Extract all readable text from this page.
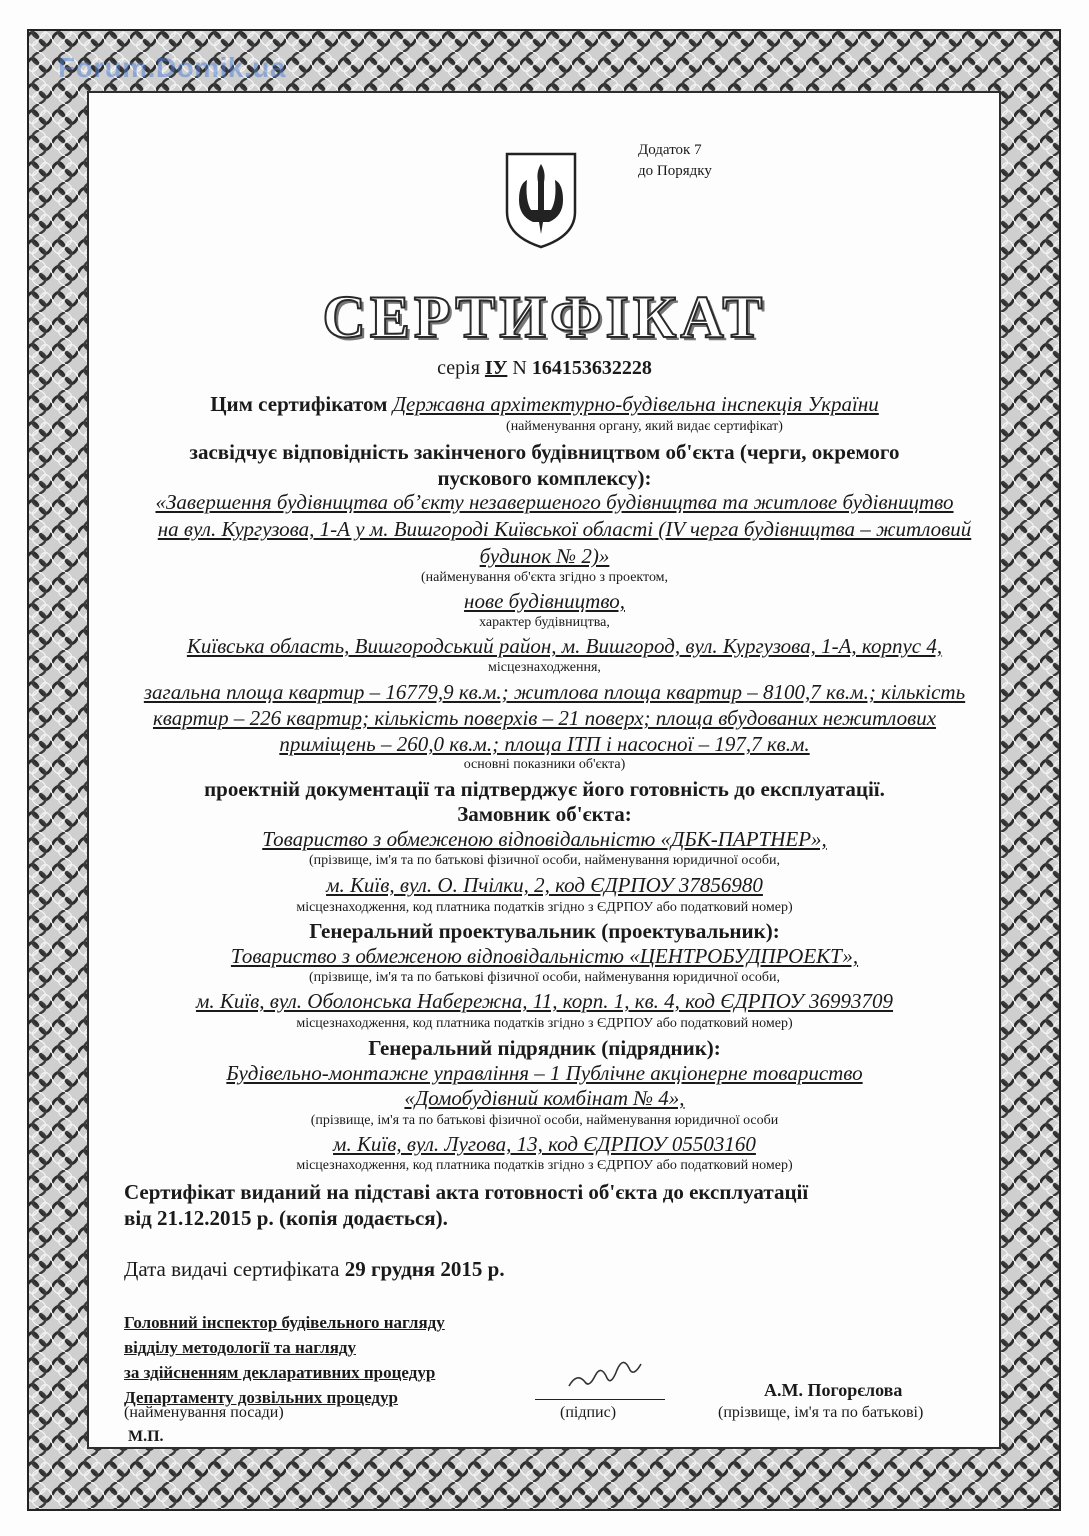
Forum.Domik.ua
Додаток 7
до Порядку
СЕРТИФІКАТ
серія ІУ N 164153632228
Цим сертифікатом Державна архітектурно-будівельна інспекція України
(найменування органу, який видає сертифікат)
засвідчує відповідність закінченого будівництвом об'єкта (черги, окремого
пускового комплексу):
«Завершення будівництва об’єкту незавершеного будівництва та житлове будівництво
на вул. Кургузова, 1-А у м. Вишгороді Київської області (IV черга будівництва – житловий
будинок № 2)»
(найменування об'єкта згідно з проектом,
нове будівництво,
характер будівництва,
Київська область, Вишгородський район, м. Вишгород, вул. Кургузова, 1-А, корпус 4,
місцезнаходження,
загальна площа квартир – 16779,9 кв.м.; житлова площа квартир – 8100,7 кв.м.; кількість
квартир – 226 квартир; кількість поверхів – 21 поверх; площа вбудованих нежитлових
приміщень – 260,0 кв.м.; площа ІТП і насосної – 197,7 кв.м.
основні показники об'єкта)
проектній документації та підтверджує його готовність до експлуатації.
Замовник об'єкта:
Товариство з обмеженою відповідальністю «ДБК-ПАРТНЕР»,
(прізвище, ім'я та по батькові фізичної особи, найменування юридичної особи,
м. Київ, вул. О. Пчілки, 2, код ЄДРПОУ 37856980
місцезнаходження, код платника податків згідно з ЄДРПОУ або податковий номер)
Генеральний проектувальник (проектувальник):
Товариство з обмеженою відповідальністю «ЦЕНТРОБУДПРОЕКТ»,
(прізвище, ім'я та по батькові фізичної особи, найменування юридичної особи,
м. Київ, вул. Оболонська Набережна, 11, корп. 1, кв. 4, код ЄДРПОУ 36993709
місцезнаходження, код платника податків згідно з ЄДРПОУ або податковий номер)
Генеральний підрядник (підрядник):
Будівельно-монтажне управління – 1 Публічне акціонерне товариство
«Домобудівний комбінат № 4»,
(прізвище, ім'я та по батькові фізичної особи, найменування юридичної особи
м. Київ, вул. Лугова, 13, код ЄДРПОУ 05503160
місцезнаходження, код платника податків згідно з ЄДРПОУ або податковий номер)
Сертифікат виданий на підставі акта готовності об'єкта до експлуатації
від 21.12.2015 р. (копія додається).
Дата видачі сертифіката 29 грудня 2015 р.
Головний інспектор будівельного нагляду
відділу методології та нагляду
за здійсненням декларативних процедур
Департаменту дозвільних процедур
(найменування посади)
М.П.
(підпис)
А.М. Погорєлова
(прізвище, ім'я та по батькові)
